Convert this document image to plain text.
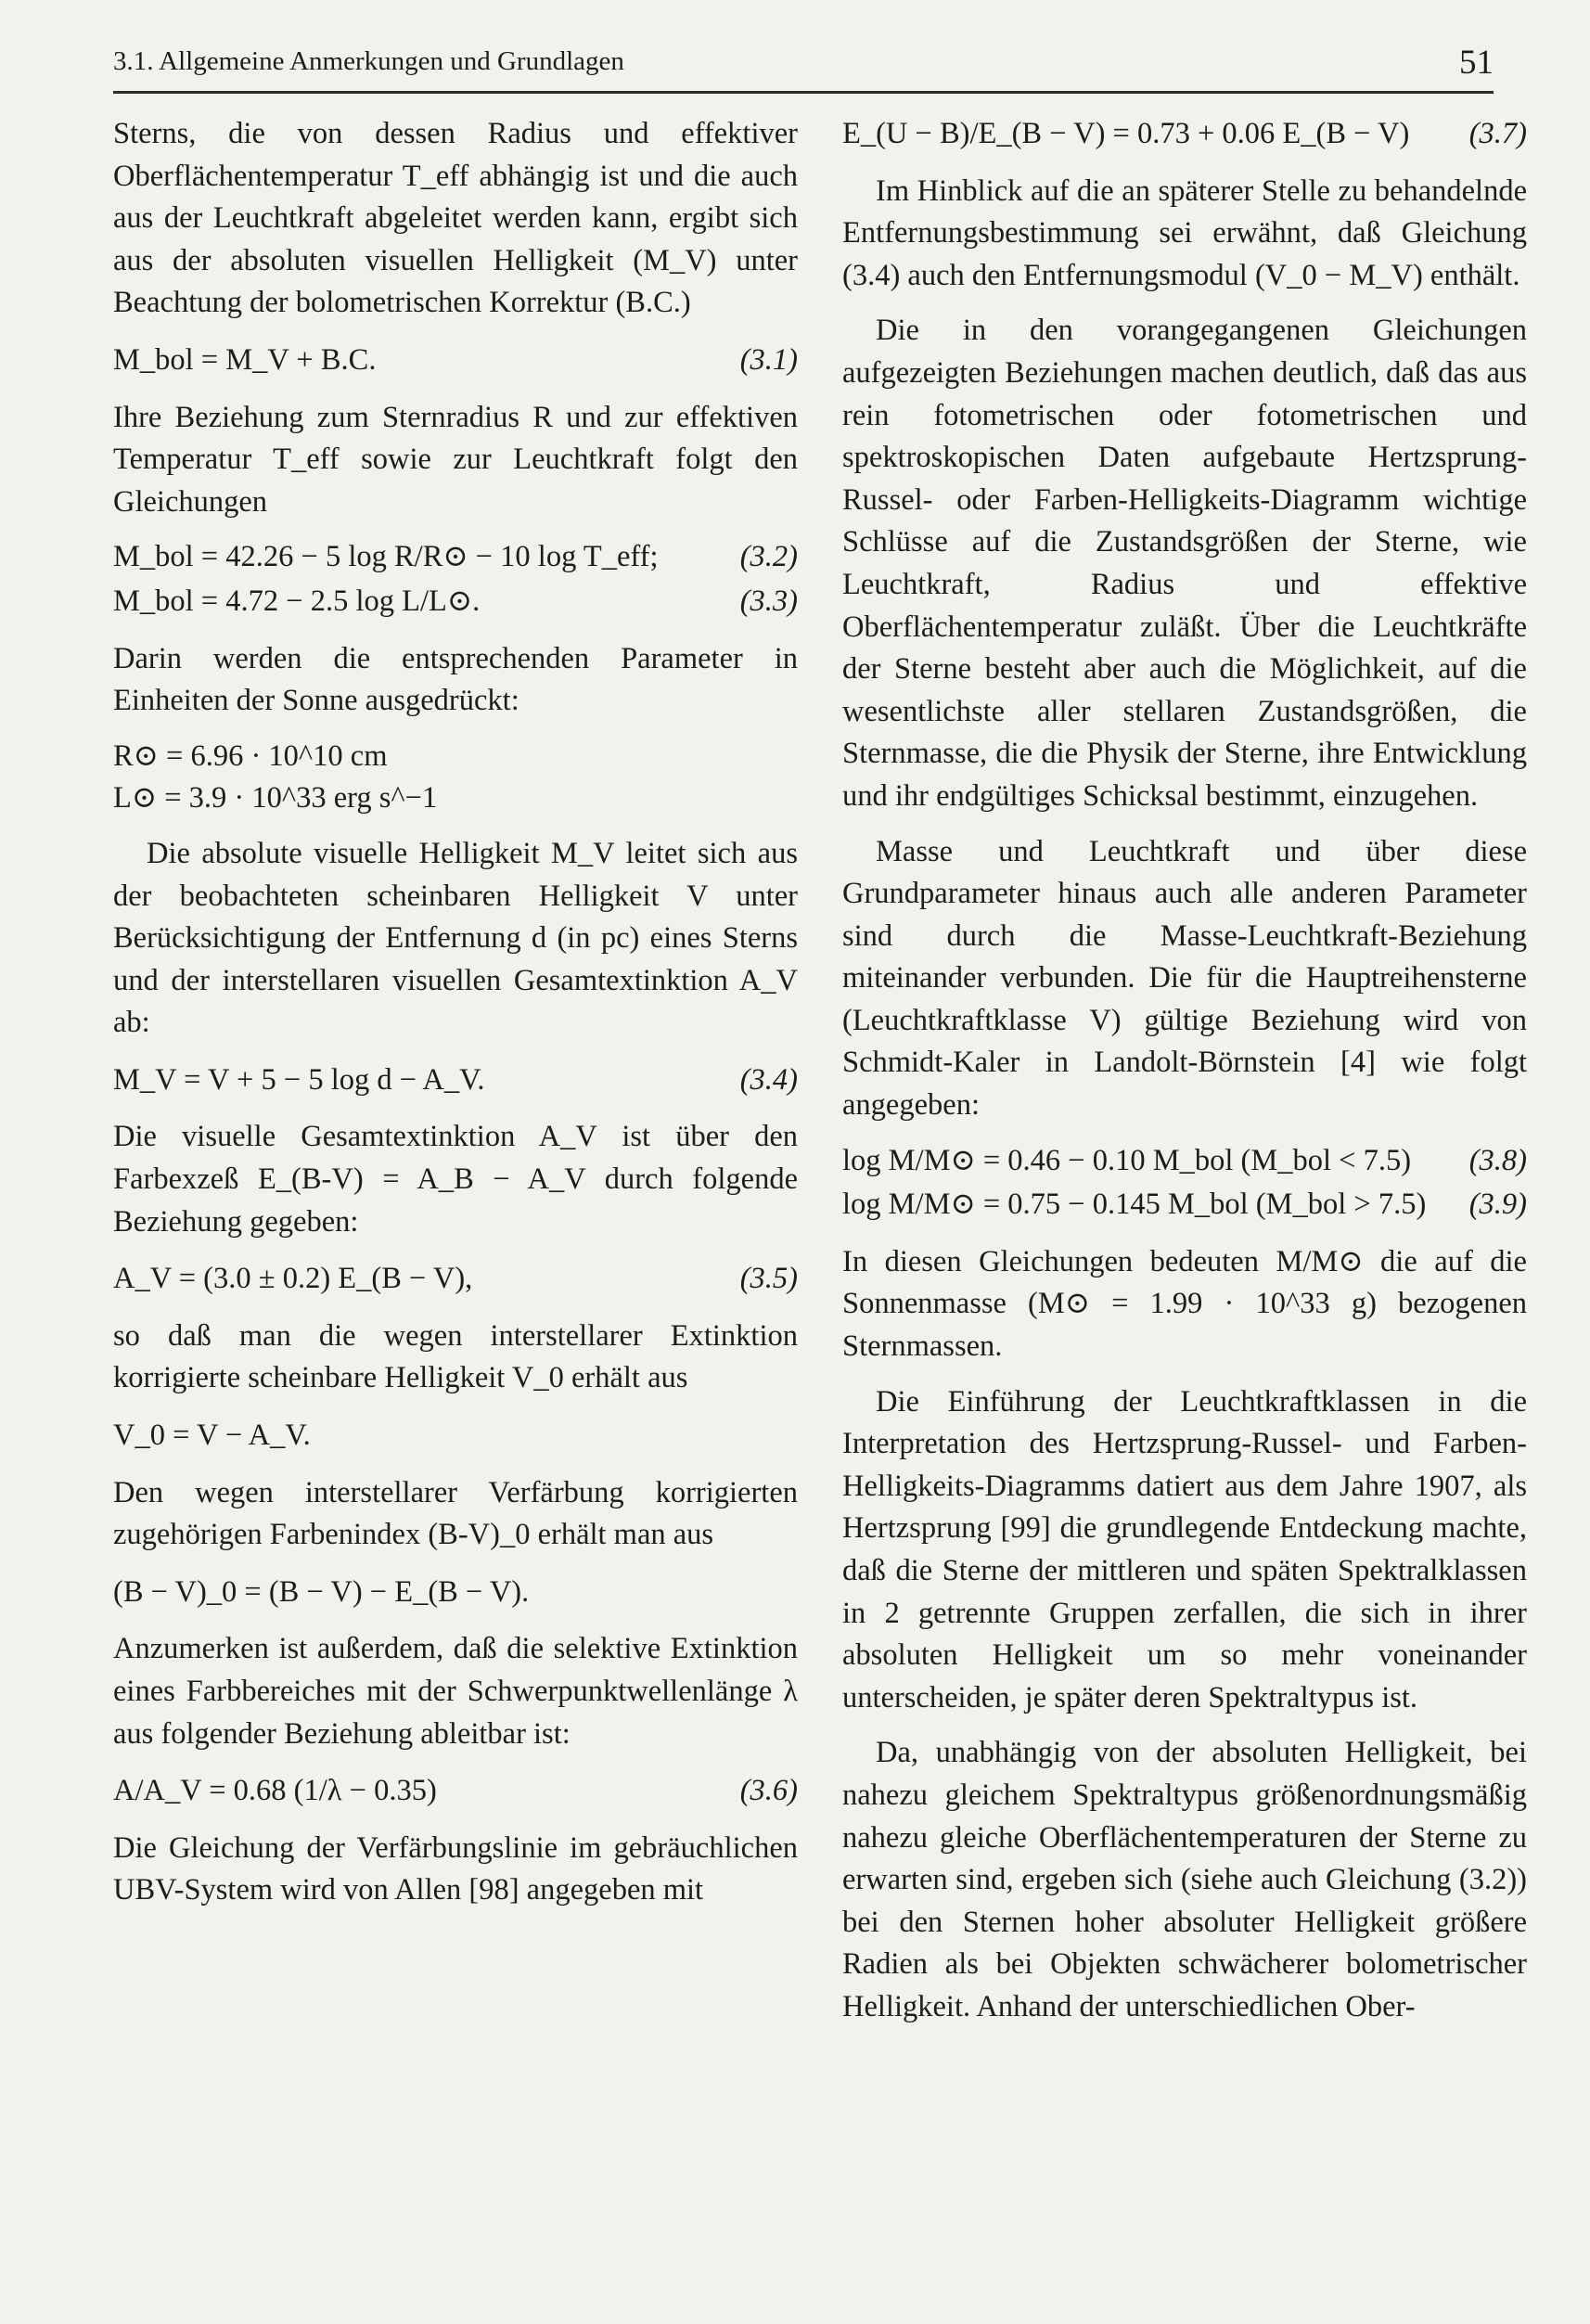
3.1. Allgemeine Anmerkungen und Grundlagen	51

Sterns, die von dessen Radius und effektiver Oberflächentemperatur T_eff abhängig ist und die auch aus der Leuchtkraft abgeleitet werden kann, ergibt sich aus der absoluten visuellen Helligkeit (M_V) unter Beachtung der bolometrischen Korrektur (B.C.)

M_bol = M_V + B.C.	(3.1)

Ihre Beziehung zum Sternradius R und zur effektiven Temperatur T_eff sowie zur Leuchtkraft folgt den Gleichungen

M_bol = 42.26 − 5 log R/R⊙ − 10 log T_eff;	(3.2)
M_bol = 4.72 − 2.5 log L/L⊙.	(3.3)

Darin werden die entsprechenden Parameter in Einheiten der Sonne ausgedrückt:

R⊙ = 6.96 · 10^10 cm
L⊙ = 3.9 · 10^33 erg s^−1

Die absolute visuelle Helligkeit M_V leitet sich aus der beobachteten scheinbaren Helligkeit V unter Berücksichtigung der Entfernung d (in pc) eines Sterns und der interstellaren visuellen Gesamtextinktion A_V ab:

M_V = V + 5 − 5 log d − A_V.	(3.4)

Die visuelle Gesamtextinktion A_V ist über den Farbexzeß E_(B-V) = A_B − A_V durch folgende Beziehung gegeben:

A_V = (3.0 ± 0.2) E_(B − V),	(3.5)

so daß man die wegen interstellarer Extinktion korrigierte scheinbare Helligkeit V_0 erhält aus

V_0 = V − A_V.

Den wegen interstellarer Verfärbung korrigierten zugehörigen Farbenindex (B-V)_0 erhält man aus

(B − V)_0 = (B − V) − E_(B − V).

Anzumerken ist außerdem, daß die selektive Extinktion eines Farbbereiches mit der Schwerpunktwellenlänge λ aus folgender Beziehung ableitbar ist:

A/A_V = 0.68 (1/λ − 0.35)	(3.6)

Die Gleichung der Verfärbungslinie im gebräuchlichen UBV-System wird von Allen [98] angegeben mit

E_(U − B)/E_(B − V) = 0.73 + 0.06 E_(B − V) (3.7)

Im Hinblick auf die an späterer Stelle zu behandelnde Entfernungsbestimmung sei erwähnt, daß Gleichung (3.4) auch den Entfernungsmodul (V_0 − M_V) enthält.

Die in den vorangegangenen Gleichungen aufgezeigten Beziehungen machen deutlich, daß das aus rein fotometrischen oder fotometrischen und spektroskopischen Daten aufgebaute Hertzsprung-Russel- oder Farben-Helligkeits-Diagramm wichtige Schlüsse auf die Zustandsgrößen der Sterne, wie Leuchtkraft, Radius und effektive Oberflächentemperatur zuläßt. Über die Leuchtkräfte der Sterne besteht aber auch die Möglichkeit, auf die wesentlichste aller stellaren Zustandsgrößen, die Sternmasse, die die Physik der Sterne, ihre Entwicklung und ihr endgültiges Schicksal bestimmt, einzugehen.

Masse und Leuchtkraft und über diese Grundparameter hinaus auch alle anderen Parameter sind durch die Masse-Leuchtkraft-Beziehung miteinander verbunden. Die für die Hauptreihensterne (Leuchtkraftklasse V) gültige Beziehung wird von Schmidt-Kaler in Landolt-Börnstein [4] wie folgt angegeben:

log M/M⊙ = 0.46 − 0.10 M_bol (M_bol < 7.5) (3.8)
log M/M⊙ = 0.75 − 0.145 M_bol (M_bol > 7.5) (3.9)

In diesen Gleichungen bedeuten M/M⊙ die auf die Sonnenmasse (M⊙ = 1.99 · 10^33 g) bezogenen Sternmassen.

Die Einführung der Leuchtkraftklassen in die Interpretation des Hertzsprung-Russel- und Farben-Helligkeits-Diagramms datiert aus dem Jahre 1907, als Hertzsprung [99] die grundlegende Entdeckung machte, daß die Sterne der mittleren und späten Spektralklassen in 2 getrennte Gruppen zerfallen, die sich in ihrer absoluten Helligkeit um so mehr voneinander unterscheiden, je später deren Spektraltypus ist.

Da, unabhängig von der absoluten Helligkeit, bei nahezu gleichem Spektraltypus größenordnungsmäßig nahezu gleiche Oberflächentemperaturen der Sterne zu erwarten sind, ergeben sich (siehe auch Gleichung (3.2)) bei den Sternen hoher absoluter Helligkeit größere Radien als bei Objekten schwächerer bolometrischer Helligkeit. Anhand der unterschiedlichen Ober-
